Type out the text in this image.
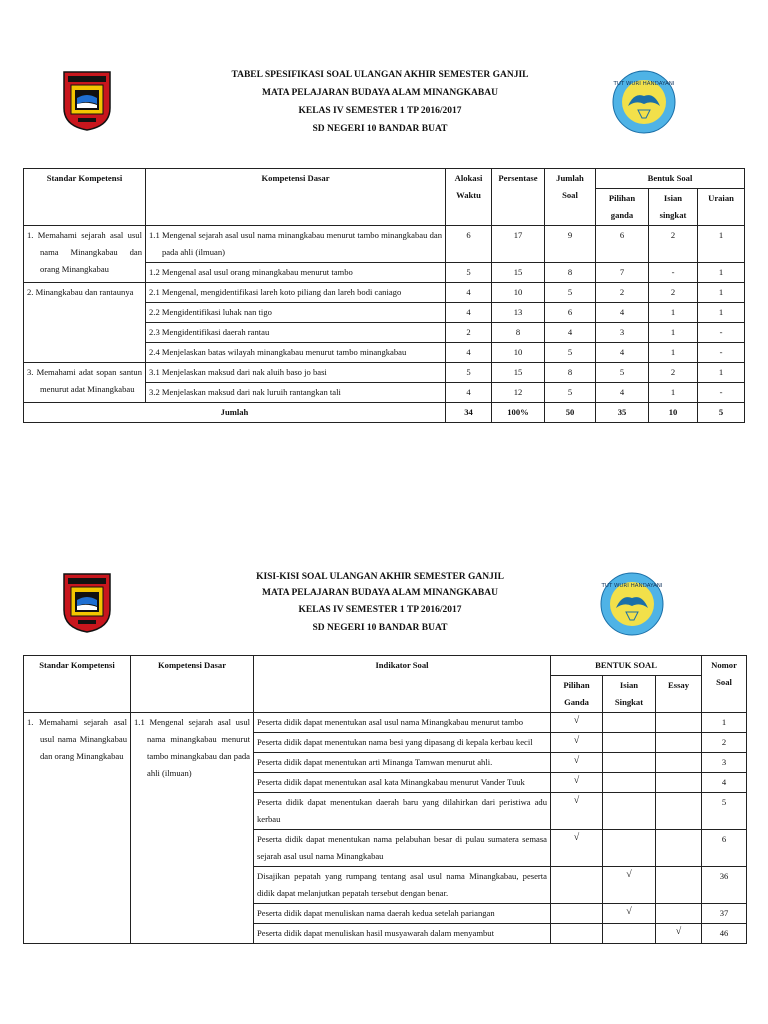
TABEL SPESIFIKASI SOAL ULANGAN AKHIR SEMESTER GANJIL
MATA PELAJARAN BUDAYA ALAM MINANGKABAU
KELAS IV SEMESTER 1 TP 2016/2017
SD NEGERI 10 BANDAR BUAT
TUT WURI HANDAYANI
Standar Kompetensi	Kompetensi Dasar	Alokasi Waktu	Persentase	Jumlah Soal	Bentuk Soal		
					Pilihan ganda	Isian singkat	Uraian
1. Memahami sejarah asal usul nama Minangkabau dan orang Minangkabau	1.1 Mengenal sejarah asal usul nama minangkabau menurut tambo minangkabau dan pada ahli (ilmuan)	6	17	9	6	2	1
	1.2 Mengenal asal usul orang minangkabau menurut tambo	5	15	8	7	-	1
2. Minangkabau dan rantaunya	2.1 Mengenal, mengidentifikasi lareh koto piliang dan lareh bodi caniago	4	10	5	2	2	1
	2.2 Mengidentifikasi luhak nan tigo	4	13	6	4	1	1
	2.3 Mengidentifikasi daerah rantau	2	8	4	3	1	-
	2.4 Menjelaskan batas wilayah minangkabau menurut tambo minangkabau	4	10	5	4	1	-
3. Memahami adat sopan santun menurut adat Minangkabau	3.1 Menjelaskan maksud dari nak aluih baso jo basi	5	15	8	5	2	1
	3.2 Menjelaskan maksud dari nak luruih rantangkan tali	4	12	5	4	1	-
Jumlah		34	100%	50	35	10	5
KISI-KISI SOAL ULANGAN AKHIR SEMESTER GANJIL
MATA PELAJARAN BUDAYA ALAM MINANGKABAU
KELAS IV SEMESTER 1 TP 2016/2017
SD NEGERI 10 BANDAR BUAT
TUT WURI HANDAYANI
Standar Kompetensi	Kompetensi Dasar	Indikator Soal	BENTUK SOAL			Nomor Soal
			Pilihan Ganda	Isian Singkat	Essay	
1. Memahami sejarah asal usul nama Minangkabau dan orang Minangkabau	1.1 Mengenal sejarah asal usul nama minangkabau menurut tambo minangkabau dan pada ahli (ilmuan)	Peserta didik dapat menentukan asal usul nama Minangkabau menurut tambo	√			1
		Peserta didik dapat menentukan nama besi yang dipasang di kepala kerbau kecil	√			2
		Peserta didik dapat menentukan arti Minanga Tamwan menurut ahli.	√			3
		Peserta didik dapat menentukan asal kata Minangkabau menurut Vander Tuuk	√			4
		Peserta didik dapat menentukan daerah baru yang dilahirkan dari peristiwa adu kerbau	√			5
		Peserta didik dapat menentukan nama pelabuhan besar di pulau sumatera semasa sejarah asal usul nama Minangkabau	√			6
		Disajikan pepatah yang rumpang tentang asal usul nama Minangkabau, peserta didik dapat melanjutkan pepatah tersebut dengan benar.		√		36
		Peserta didik dapat menuliskan nama daerah kedua setelah pariangan		√		37
		Peserta didik dapat menuliskan hasil musyawarah dalam menyambut			√	46
